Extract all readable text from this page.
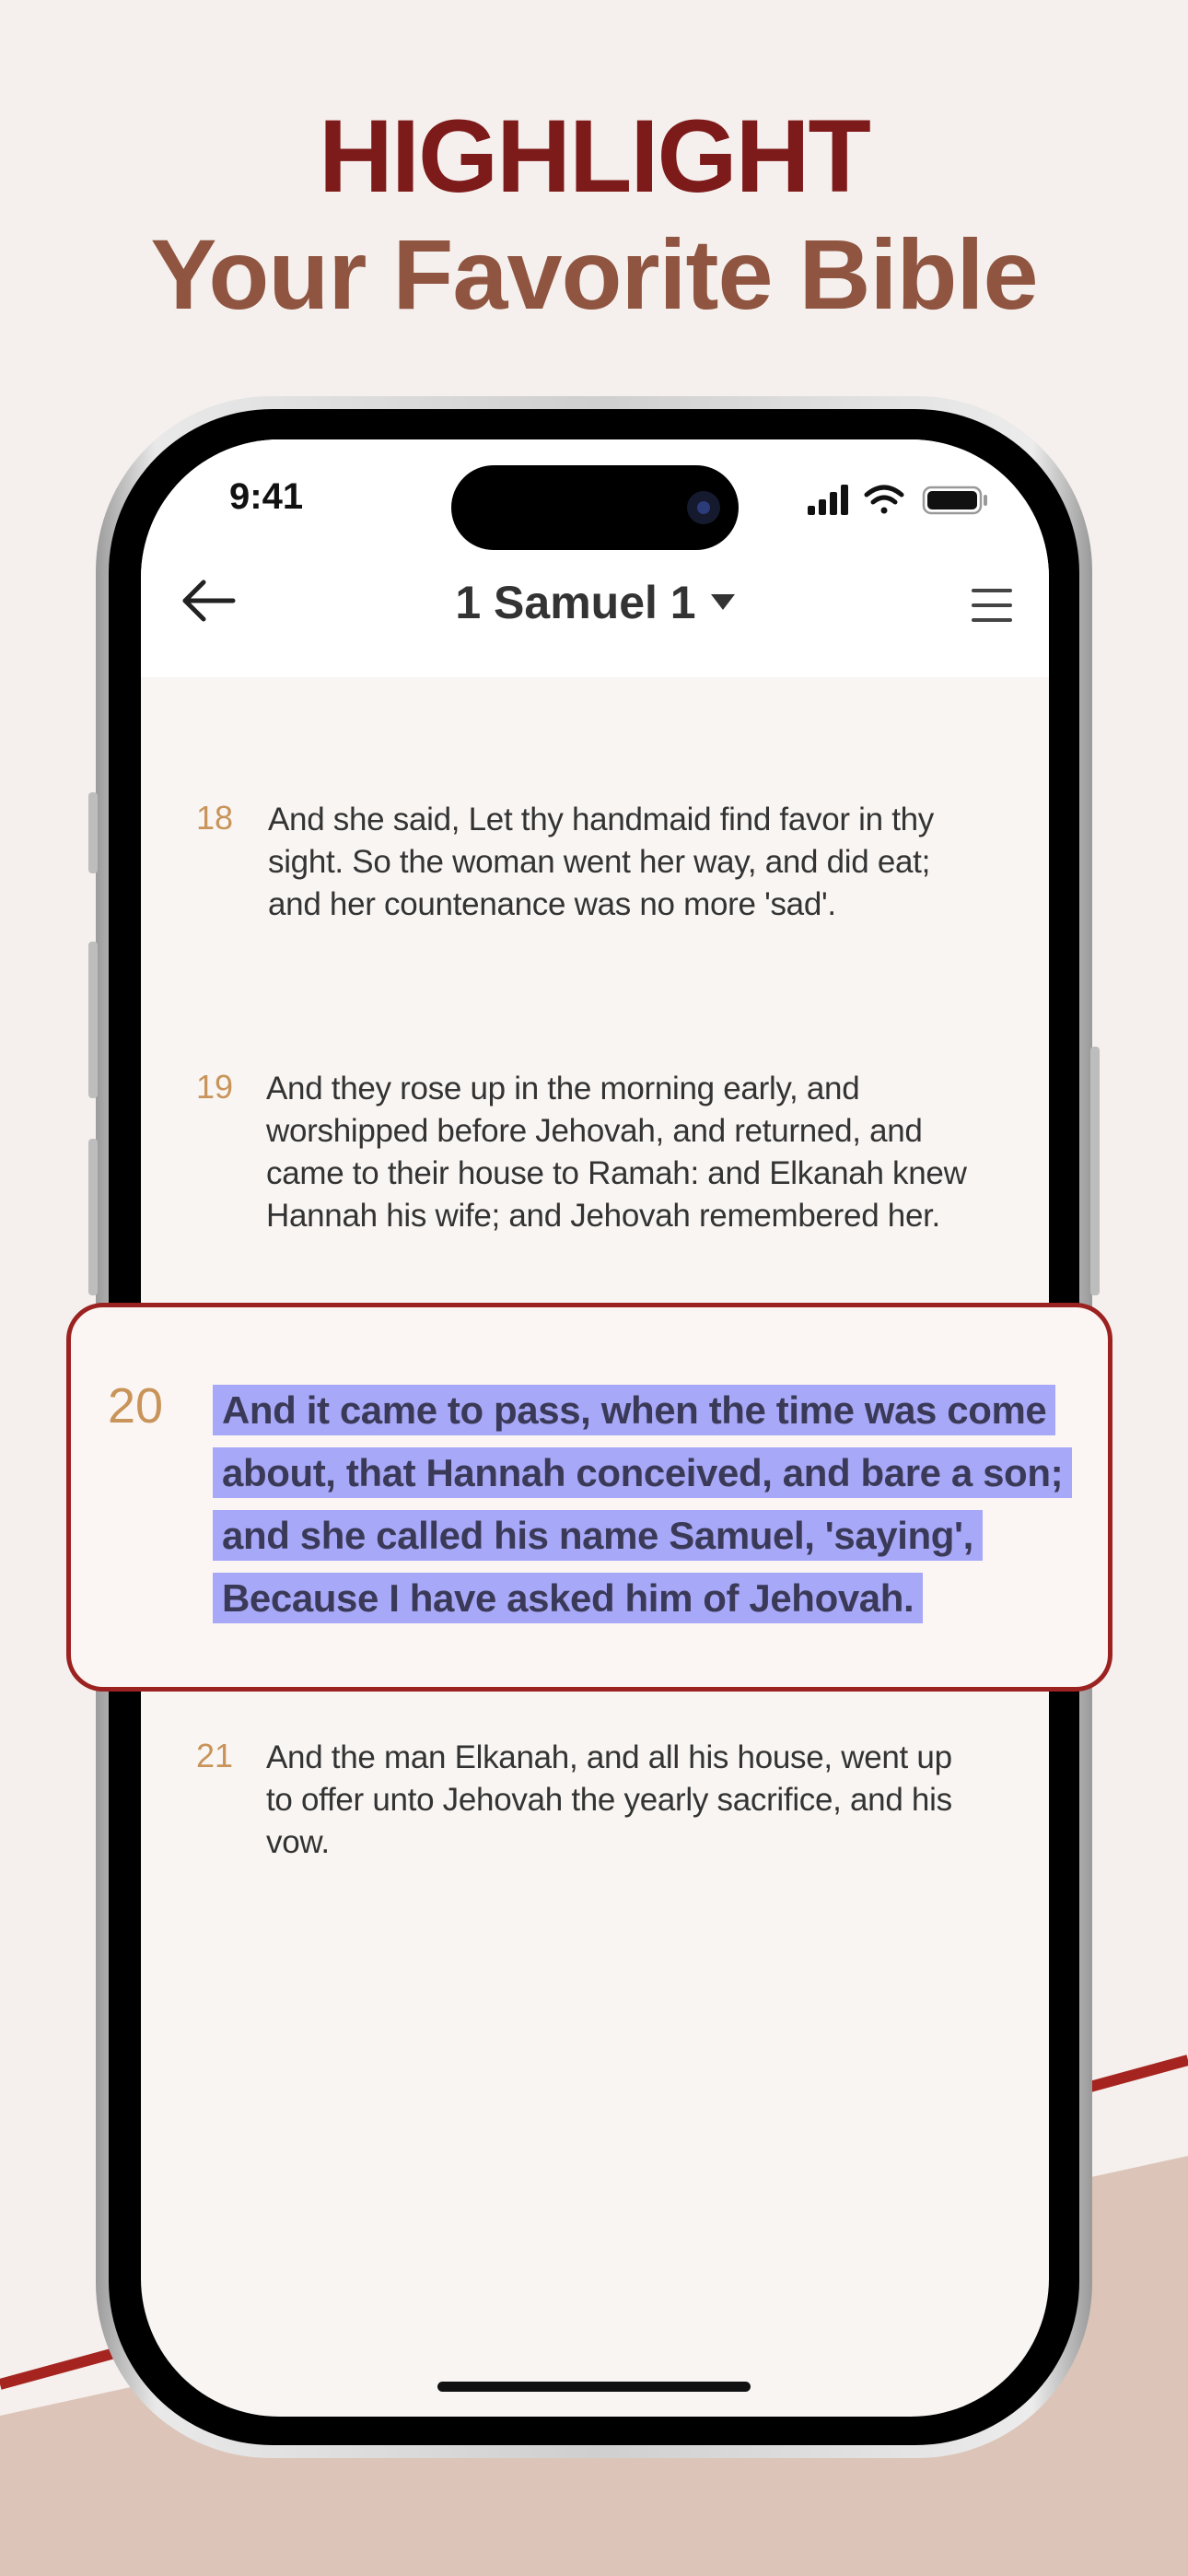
HIGHLIGHT
Your Favorite Bible
9:41
1 Samuel 1
18 And she said, Let thy handmaid find favor in thy sight. So the woman went her way, and did eat; and her countenance was no more 'sad'.
19 And they rose up in the morning early, and worshipped before Jehovah, and returned, and came to their house to Ramah: and Elkanah knew Hannah his wife; and Jehovah remembered her.
21 And the man Elkanah, and all his house, went up to offer unto Jehovah the yearly sacrifice, and his vow.
20 And it came to pass, when the time was come about, that Hannah conceived, and bare a son; and she called his name Samuel, 'saying', Because I have asked him of Jehovah.
